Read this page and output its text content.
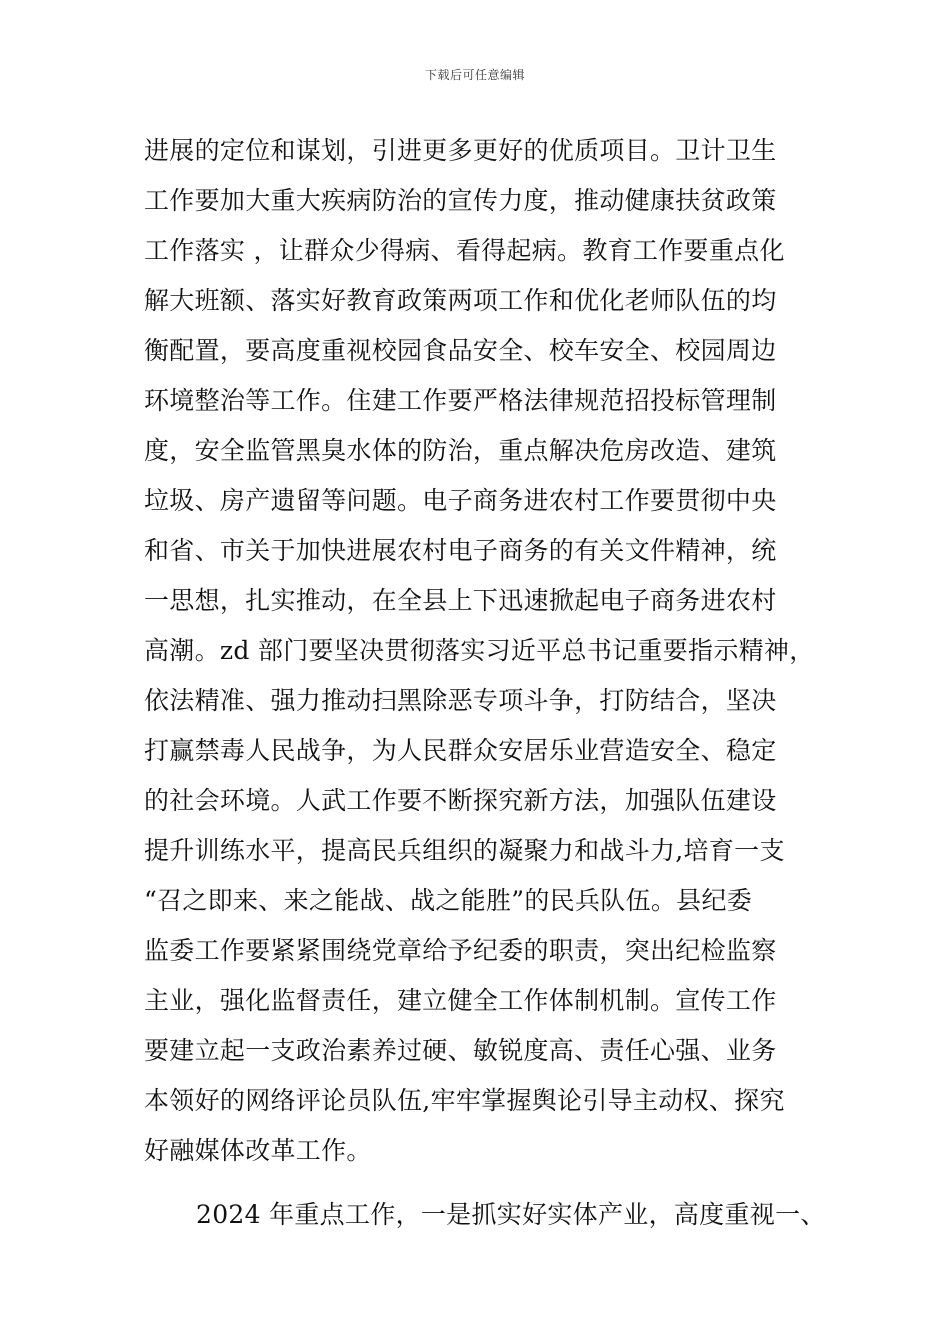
下载后可任意编辑
进展的定位和谋划，引进更多更好的优质项目。卫计卫生
工作要加大重大疾病防治的宣传力度，推动健康扶贫政策
工作落实 ，让群众少得病、看得起病。教育工作要重点化
解大班额、落实好教育政策两项工作和优化老师队伍的均
衡配置，要高度重视校园食品安全、校车安全、校园周边
环境整治等工作。住建工作要严格法律规范招投标管理制
度，安全监管黑臭水体的防治，重点解决危房改造、建筑
垃圾、房产遗留等问题。电子商务进农村工作要贯彻中央
和省、市关于加快进展农村电子商务的有关文件精神，统
一思想，扎实推动，在全县上下迅速掀起电子商务进农村
高潮。zd 部门要坚决贯彻落实习近平总书记重要指示精神，
依法精准、强力推动扫黑除恶专项斗争，打防结合，坚决
打赢禁毒人民战争，为人民群众安居乐业营造安全、稳定
的社会环境。人武工作要不断探究新方法，加强队伍建设
提升训练水平，提高民兵组织的凝聚力和战斗力,培育一支
“召之即来、来之能战、战之能胜”的民兵队伍。县纪委
监委工作要紧紧围绕党章给予纪委的职责，突出纪检监察
主业，强化监督责任，建立健全工作体制机制。宣传工作
要建立起一支政治素养过硬、敏锐度高、责任心强、业务
本领好的网络评论员队伍,牢牢掌握舆论引导主动权、探究
好融媒体改革工作。
2024 年重点工作，一是抓实好实体产业，高度重视一、
